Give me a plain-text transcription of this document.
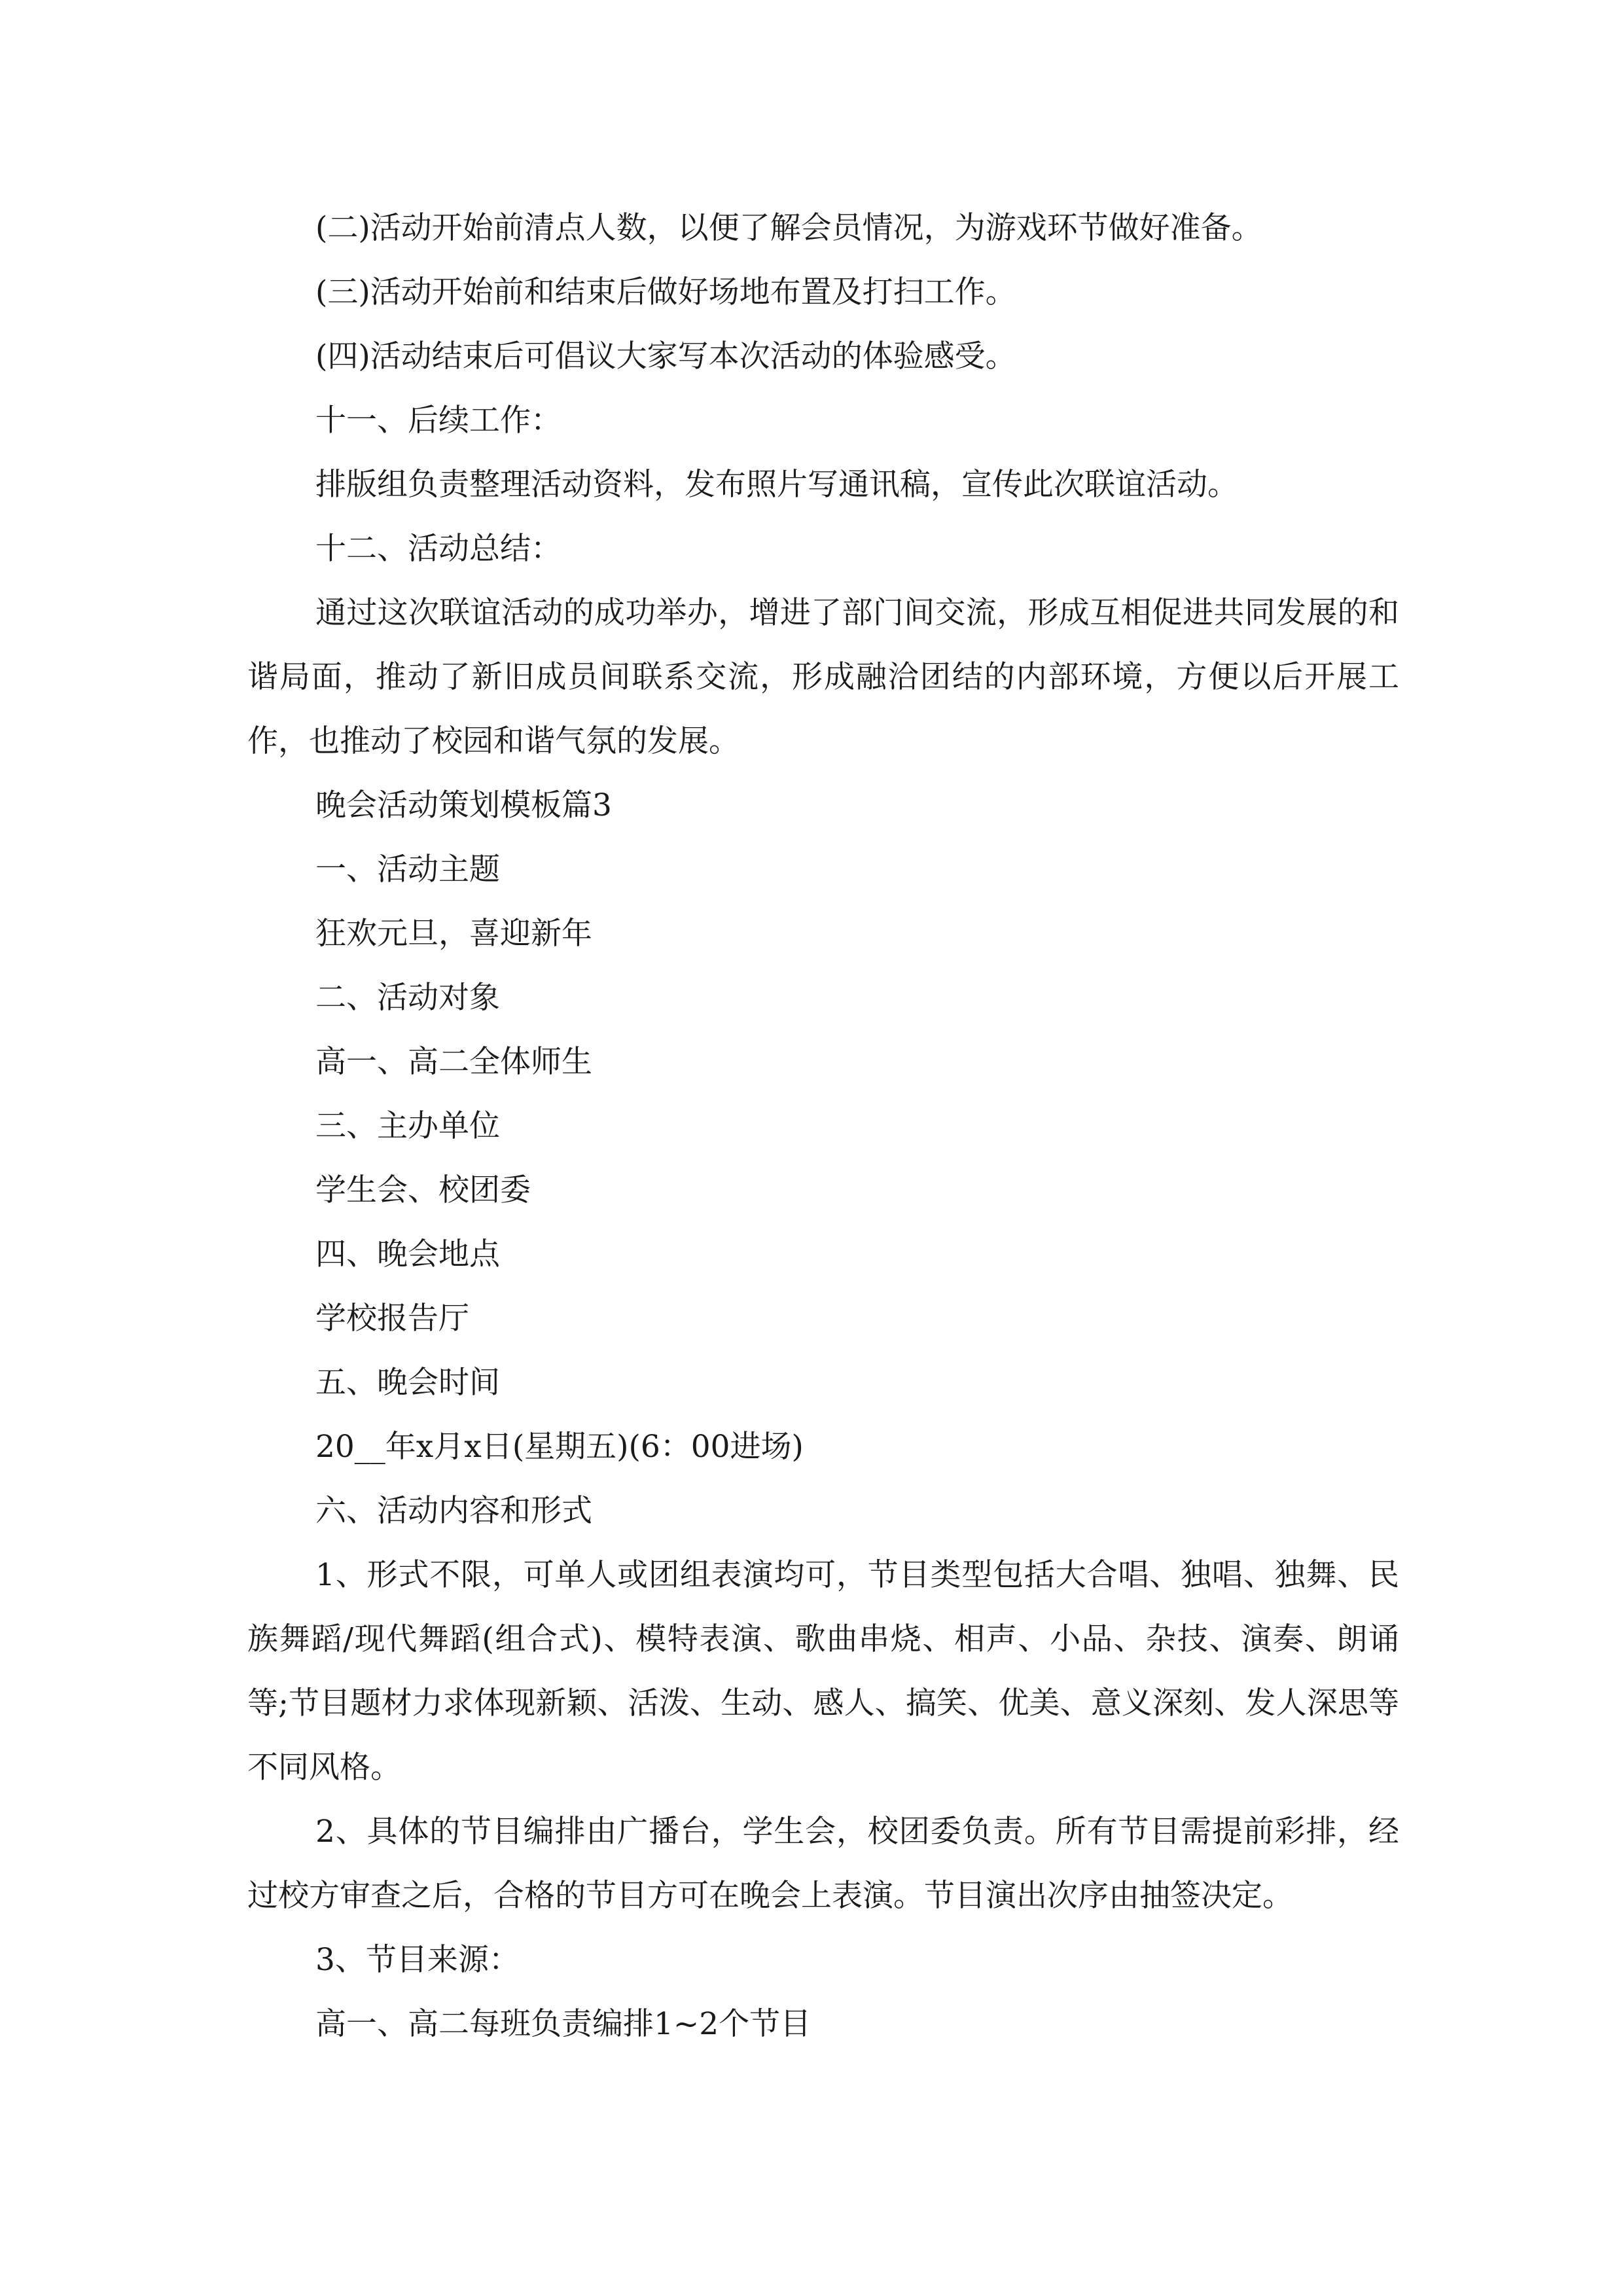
(二)活动开始前清点人数，以便了解会员情况，为游戏环节做好准备。

(三)活动开始前和结束后做好场地布置及打扫工作。

(四)活动结束后可倡议大家写本次活动的体验感受。

十一、后续工作：

排版组负责整理活动资料，发布照片写通讯稿，宣传此次联谊活动。

十二、活动总结：

通过这次联谊活动的成功举办，增进了部门间交流，形成互相促进共同发展的和谐局面，推动了新旧成员间联系交流，形成融洽团结的内部环境，方便以后开展工作，也推动了校园和谐气氛的发展。

晚会活动策划模板篇3

一、活动主题

狂欢元旦，喜迎新年

二、活动对象

高一、高二全体师生

三、主办单位

学生会、校团委

四、晚会地点

学校报告厅

五、晚会时间

20__年x月x日(星期五)(6：00进场)

六、活动内容和形式

1、形式不限，可单人或团组表演均可，节目类型包括大合唱、独唱、独舞、民族舞蹈/现代舞蹈(组合式)、模特表演、歌曲串烧、相声、小品、杂技、演奏、朗诵等;节目题材力求体现新颖、活泼、生动、感人、搞笑、优美、意义深刻、发人深思等不同风格。

2、具体的节目编排由广播台，学生会，校团委负责。所有节目需提前彩排，经过校方审查之后，合格的节目方可在晚会上表演。节目演出次序由抽签决定。

3、节目来源：

高一、高二每班负责编排1~2个节目
